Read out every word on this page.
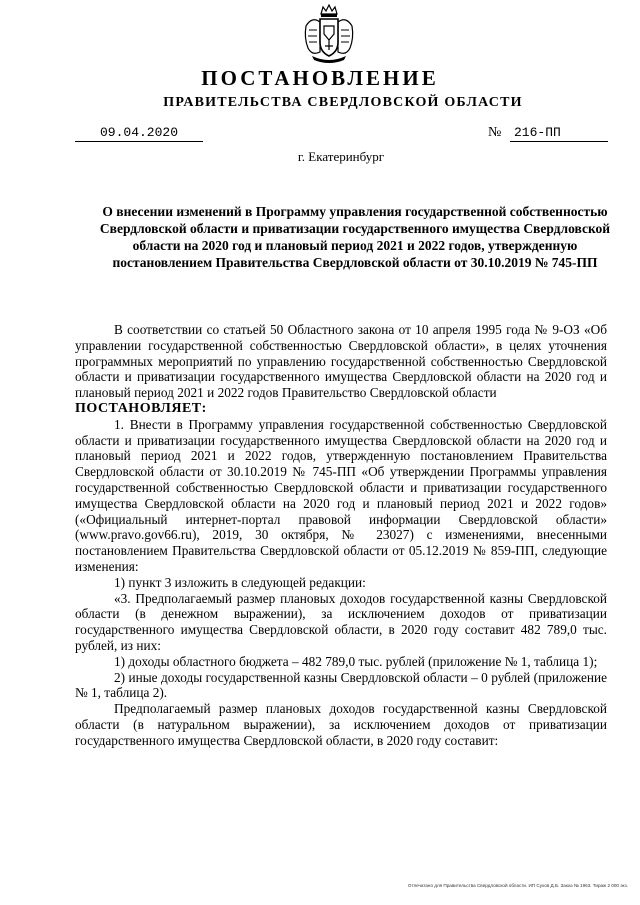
ПОСТАНОВЛЕНИЕ
ПРАВИТЕЛЬСТВА СВЕРДЛОВСКОЙ ОБЛАСТИ
09.04.2020	№ 216-ПП
г. Екатеринбург
О внесении изменений в Программу управления государственной собственностью Свердловской области и приватизации государственного имущества Свердловской области на 2020 год и плановый период 2021 и 2022 годов, утвержденную постановлением Правительства Свердловской области от 30.10.2019 № 745-ПП

В соответствии со статьей 50 Областного закона от 10 апреля 1995 года № 9-ОЗ «Об управлении государственной собственностью Свердловской области», в целях уточнения программных мероприятий по управлению государственной собственностью Свердловской области и приватизации государственного имущества Свердловской области на 2020 год и плановый период 2021 и 2022 годов Правительство Свердловской области

ПОСТАНОВЛЯЕТ:

1. Внести в Программу управления государственной собственностью Свердловской области и приватизации государственного имущества Свердловской области на 2020 год и плановый период 2021 и 2022 годов, утвержденную постановлением Правительства Свердловской области от 30.10.2019 № 745-ПП «Об утверждении Программы управления государственной собственностью Свердловской области и приватизации государственного имущества Свердловской области на 2020 год и плановый период 2021 и 2022 годов» («Официальный интернет-портал правовой информации Свердловской области» (www.pravo.gov66.ru), 2019, 30 октября, № 23027) с изменениями, внесенными постановлением Правительства Свердловской области от 05.12.2019 № 859-ПП, следующие изменения:

1) пункт 3 изложить в следующей редакции:

«3. Предполагаемый размер плановых доходов государственной казны Свердловской области (в денежном выражении), за исключением доходов от приватизации государственного имущества Свердловской области, в 2020 году составит 482 789,0 тыс. рублей, из них:

1) доходы областного бюджета – 482 789,0 тыс. рублей (приложение № 1, таблица 1);

2) иные доходы государственной казны Свердловской области – 0 рублей (приложение № 1, таблица 2).

Предполагаемый размер плановых доходов государственной казны Свердловской области (в натуральном выражении), за исключением доходов от приватизации государственного имущества Свердловской области, в 2020 году составит:

Отпечатано для Правительства Свердловской области. ИП Сухов Д.Б. Заказ № 1963. Тираж 2 000 экз.
